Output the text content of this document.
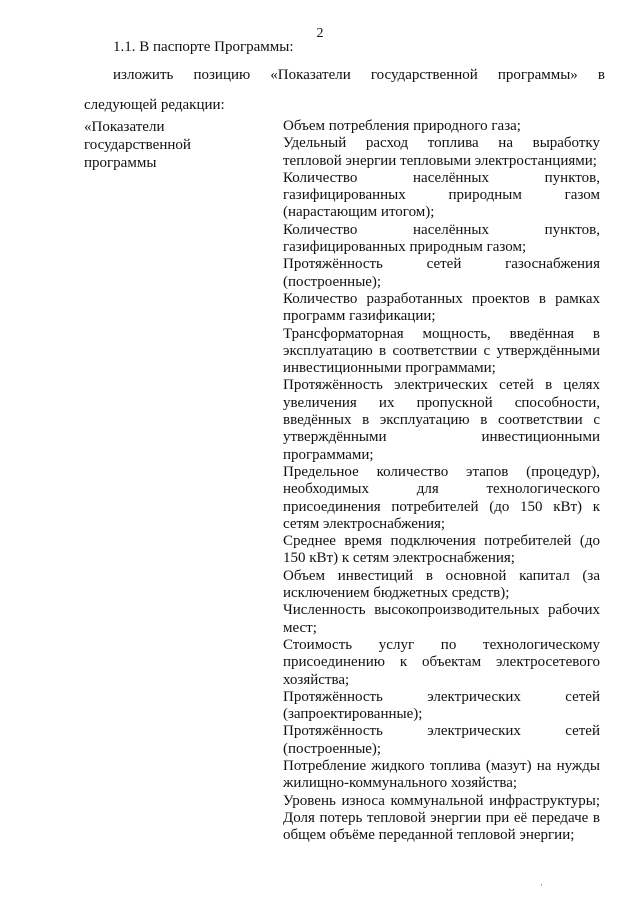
2
1.1. В паспорте Программы:
изложить позицию «Показатели государственной программы» в
следующей редакции:
«Показатели
государственной
программы
Объем потребления природного газа;
Удельный расход топлива на выработку
тепловой энергии тепловыми электростанциями;
Количество населённых пунктов,
газифицированных природным газом
(нарастающим итогом);
Количество населённых пунктов,
газифицированных природным газом;
Протяжённость сетей газоснабжения
(построенные);
Количество разработанных проектов в рамках
программ газификации;
Трансформаторная мощность, введённая в
эксплуатацию в соответствии с утверждёнными
инвестиционными программами;
Протяжённость электрических сетей в целях
увеличения их пропускной способности,
введённых в эксплуатацию в соответствии с
утверждёнными инвестиционными
программами;
Предельное количество этапов (процедур),
необходимых для технологического
присоединения потребителей (до 150 кВт) к
сетям электроснабжения;
Среднее время подключения потребителей (до
150 кВт) к сетям электроснабжения;
Объем инвестиций в основной капитал (за
исключением бюджетных средств);
Численность высокопроизводительных рабочих
мест;
Стоимость услуг по технологическому
присоединению к объектам электросетевого
хозяйства;
Протяжённость электрических сетей
(запроектированные);
Протяжённость электрических сетей
(построенные);
Потребление жидкого топлива (мазут) на нужды
жилищно-коммунального хозяйства;
Уровень износа коммунальной инфраструктуры;
Доля потерь тепловой энергии при её передаче в
общем объёме переданной тепловой энергии;
·
